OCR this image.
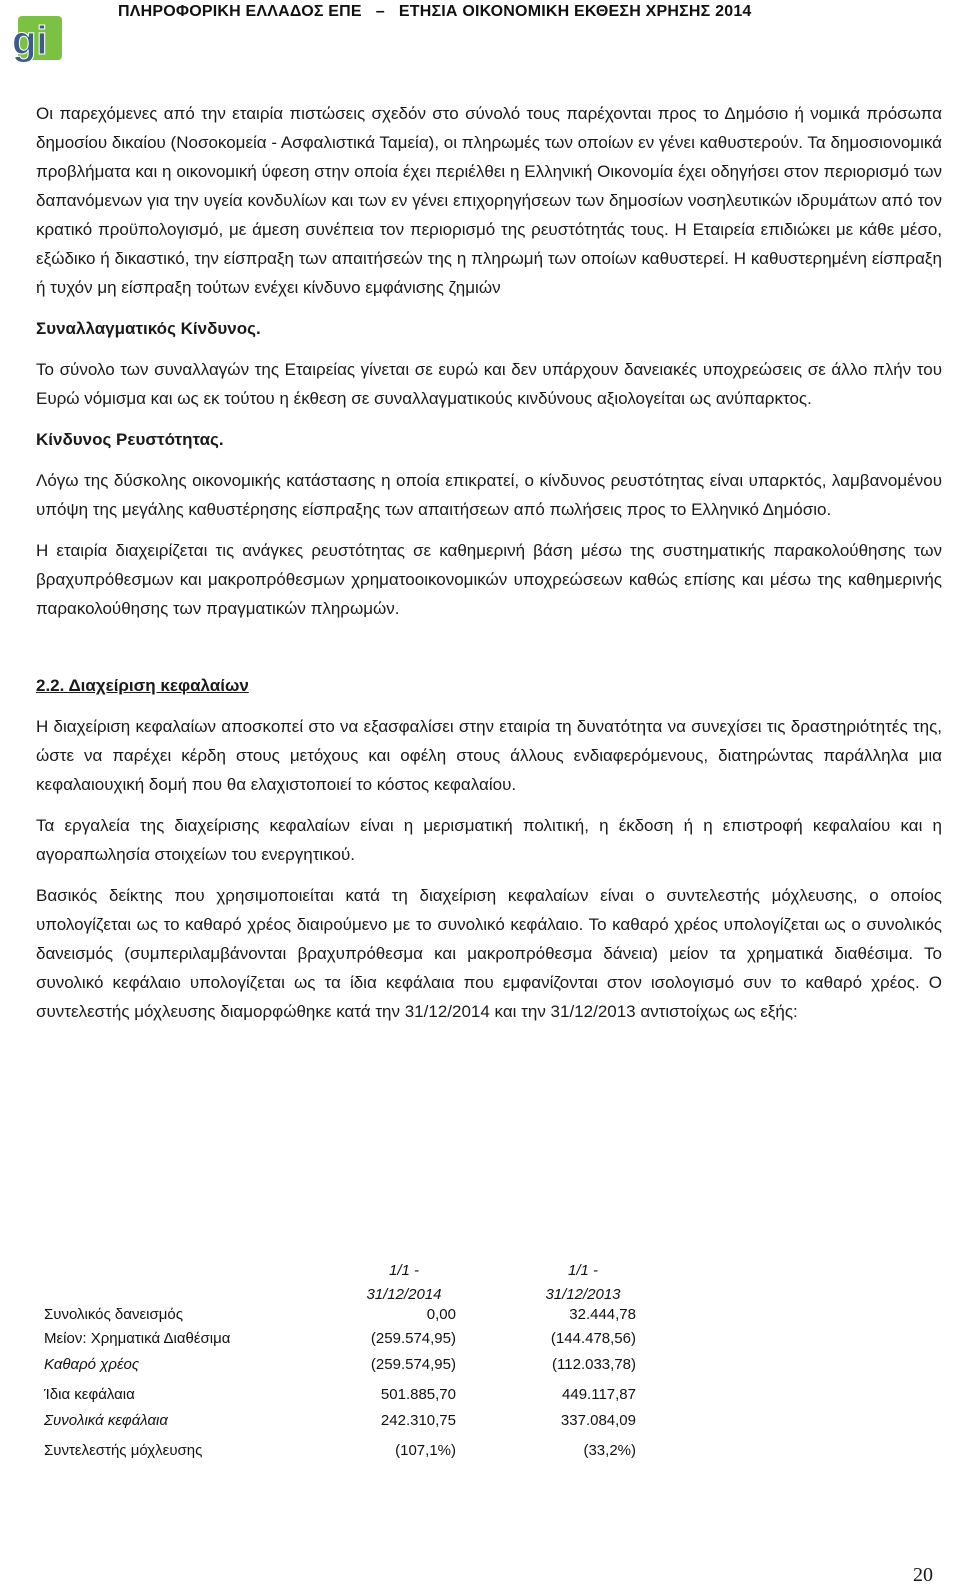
ΠΛΗΡΟΦΟΡΙΚΗ ΕΛΛΑΔΟΣ ΕΠΕ – ΕΤΗΣΙΑ ΟΙΚΟΝΟΜΙΚΗ ΕΚΘΕΣΗ ΧΡΗΣΗΣ 2014
gi

Οι παρεχόμενες από την εταιρία πιστώσεις σχεδόν στο σύνολό τους παρέχονται προς το Δημόσιο ή νομικά πρόσωπα δημοσίου δικαίου (Νοσοκομεία - Ασφαλιστικά Ταμεία), οι πληρωμές των οποίων εν γένει καθυστερούν. Τα δημοσιονομικά προβλήματα και η οικονομική ύφεση στην οποία έχει περιέλθει η Ελληνική Οικονομία έχει οδηγήσει στον περιορισμό των δαπανόμενων για την υγεία κονδυλίων και των εν γένει επιχορηγήσεων των δημοσίων νοσηλευτικών ιδρυμάτων από τον κρατικό προϋπολογισμό, με άμεση συνέπεια τον περιορισμό της ρευστότητάς τους. Η Εταιρεία επιδιώκει με κάθε μέσο, εξώδικο ή δικαστικό, την είσπραξη των απαιτήσεών της η πληρωμή των οποίων καθυστερεί. Η καθυστερημένη είσπραξη ή τυχόν μη είσπραξη τούτων ενέχει κίνδυνο εμφάνισης ζημιών

Συναλλαγματικός Κίνδυνος.

Το σύνολο των συναλλαγών της Εταιρείας γίνεται σε ευρώ και δεν υπάρχουν δανειακές υποχρεώσεις σε άλλο πλήν του Ευρώ νόμισμα και ως εκ τούτου η έκθεση σε συναλλαγματικούς κινδύνους αξιολογείται ως ανύπαρκτος.

Κίνδυνος Ρευστότητας.

Λόγω της δύσκολης οικονομικής κατάστασης η οποία επικρατεί, ο κίνδυνος ρευστότητας είναι υπαρκτός, λαμβανομένου υπόψη της μεγάλης καθυστέρησης είσπραξης των απαιτήσεων από πωλήσεις προς το Ελληνικό Δημόσιο.

Η εταιρία διαχειρίζεται τις ανάγκες ρευστότητας σε καθημερινή βάση μέσω της συστηματικής παρακολούθησης των βραχυπρόθεσμων και μακροπρόθεσμων χρηματοοικονομικών υποχρεώσεων καθώς επίσης και μέσω της καθημερινής παρακολούθησης των πραγματικών πληρωμών.

2.2. Διαχείριση κεφαλαίων

Η διαχείριση κεφαλαίων αποσκοπεί στο να εξασφαλίσει στην εταιρία τη δυνατότητα να συνεχίσει τις δραστηριότητές της, ώστε να παρέχει κέρδη στους μετόχους και οφέλη στους άλλους ενδιαφερόμενους, διατηρώντας παράλληλα μια κεφαλαιουχική δομή που θα ελαχιστοποιεί το κόστος κεφαλαίου.

Τα εργαλεία της διαχείρισης κεφαλαίων είναι η μερισματική πολιτική, η έκδοση ή η επιστροφή κεφαλαίου και η αγοραπωλησία στοιχείων του ενεργητικού.

Βασικός δείκτης που χρησιμοποιείται κατά τη διαχείριση κεφαλαίων είναι ο συντελεστής μόχλευσης, ο οποίος υπολογίζεται ως το καθαρό χρέος διαιρούμενο με το συνολικό κεφάλαιο. Το καθαρό χρέος υπολογίζεται ως ο συνολικός δανεισμός (συμπεριλαμβάνονται βραχυπρόθεσμα και μακροπρόθεσμα δάνεια) μείον τα χρηματικά διαθέσιμα. Το συνολικό κεφάλαιο υπολογίζεται ως τα ίδια κεφάλαια που εμφανίζονται στον ισολογισμό συν το καθαρό χρέος. Ο συντελεστής μόχλευσης διαμορφώθηκε κατά την 31/12/2014 και την 31/12/2013 αντιστοίχως ως εξής:

1/1 -
31/12/2014
1/1 -
31/12/2013
Συνολικός δανεισμός	0,00	32.444,78
Μείον: Χρηματικά Διαθέσιμα	(259.574,95)	(144.478,56)
Καθαρό χρέος	(259.574,95)	(112.033,78)
Ίδια κεφάλαια	501.885,70	449.117,87
Συνολικά κεφάλαια	242.310,75	337.084,09
Συντελεστής μόχλευσης	(107,1%)	(33,2%)
20
